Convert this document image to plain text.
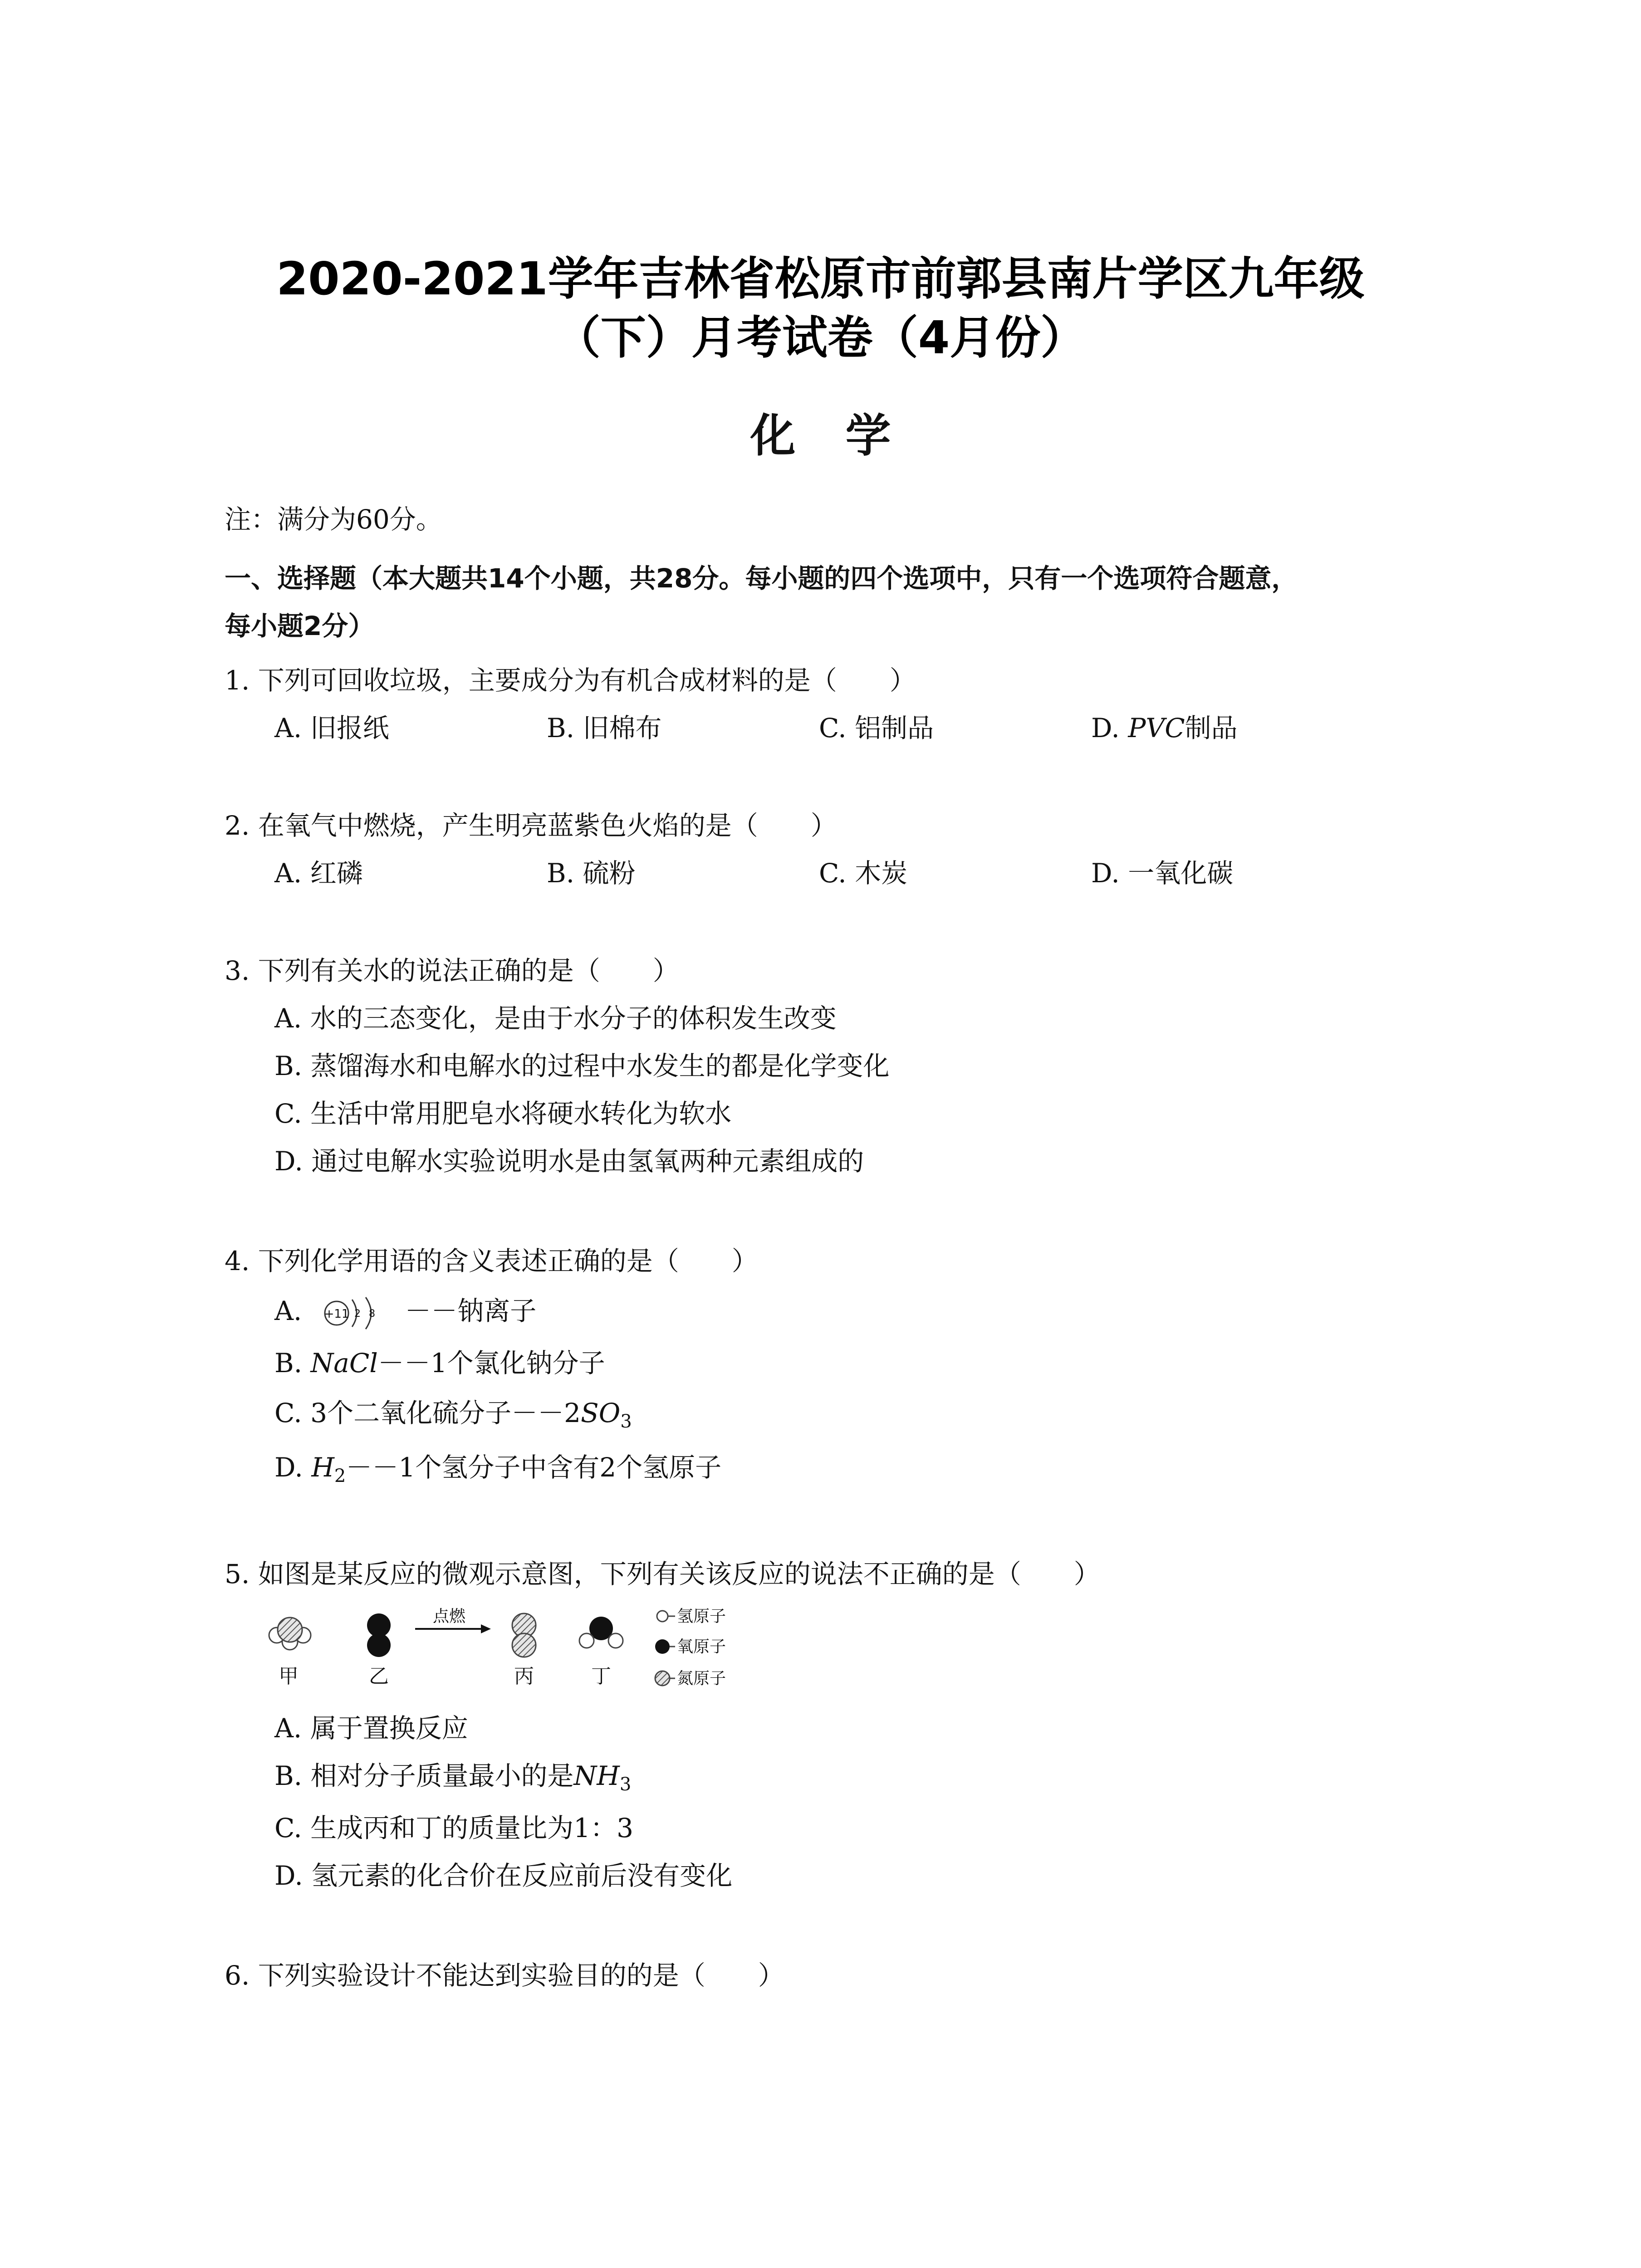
2020-2021学年吉林省松原市前郭县南片学区九年级
（下）月考试卷（4月份）
化学
注：满分为60分。
一、选择题（本大题共14个小题，共28分。每小题的四个选项中，只有一个选项符合题意，
每小题2分）
1. 下列可回收垃圾，主要成分为有机合成材料的是（　　）
A. 旧报纸	B. 旧棉布	C. 铝制品	D. PVC制品
2. 在氧气中燃烧，产生明亮蓝紫色火焰的是（　　）
A. 红磷	B. 硫粉	C. 木炭	D. 一氧化碳
3. 下列有关水的说法正确的是（　　）
A. 水的三态变化，是由于水分子的体积发生改变
B. 蒸馏海水和电解水的过程中水发生的都是化学变化
C. 生活中常用肥皂水将硬水转化为软水
D. 通过电解水实验说明水是由氢氧两种元素组成的
4. 下列化学用语的含义表述正确的是（　　）
A. +11 2 8 －－钠离子
B. NaCl－－1个氯化钠分子
C. 3个二氧化硫分子$--2SO_3$
D. $H_2--1$个氢分子中含有2个氢原子
5. 如图是某反应的微观示意图，下列有关该反应的说法不正确的是（　　）
甲	乙
点燃
丙	丁
氢原子
氧原子
氮原子
A. 属于置换反应
B. 相对分子质量最小的是$NH_3$
C. 生成丙和丁的质量比为1：3
D. 氢元素的化合价在反应前后没有变化
6. 下列实验设计不能达到实验目的的是（　　）
